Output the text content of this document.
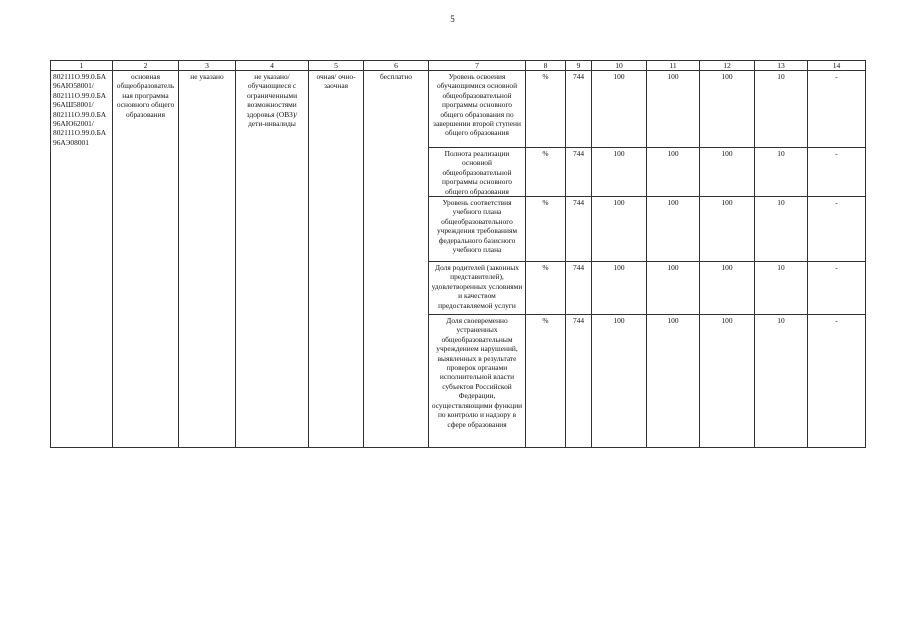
5
1	2	3	4	5	6	7	8	9	10	11	12	13	14

802111О.99.0.БА 96АЮ58001/ 802111О.99.0.БА 96АШ58001/ 802111О.99.0.БА 96АЮ62001/ 802111О.99.0.БА 96АЭ08001	основная общеобразователь ная программа основного общего образования	не указано	не указано/ обучающиеся с ограниченными возможностями здоровья (ОВЗ)/ дети-инвалиды	очная/ очно-заочная	бесплатно	Уровень освоения обучающимися основной общеобразовательной программы основного общего образования по завершении второй ступени общего образования	%	744	100	100	100	10	-
						Полнота реализации основной общеобразовательной программы основного общего образования	%	744	100	100	100	10	-
						Уровень соответствия учебного плана общеобразовательного учреждения требованиям федерального базисного учебного плана	%	744	100	100	100	10	-
						Доля родителей (законных представителей), удовлетворенных условиями и качеством предоставляемой услуги	%	744	100	100	100	10	-
						Доля своевременно устраненных общеобразовательным учреждением нарушений, выявленных в результате проверок органами исполнительной власти субъектов Российской Федерации, осуществляющими функции по контролю и надзору в сфере образования	%	744	100	100	100	10	-
